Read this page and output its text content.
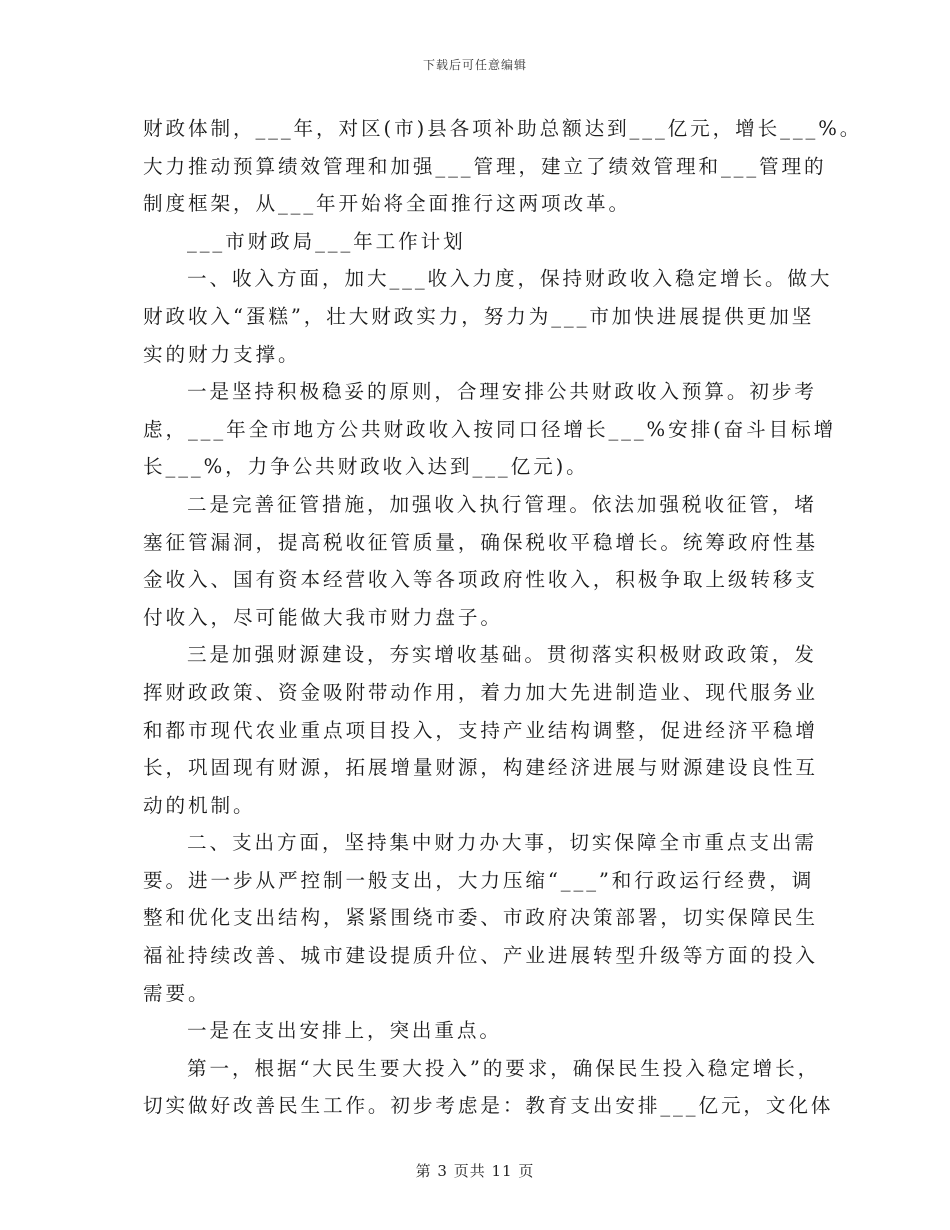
下载后可任意编辑
财政体制，___年，对区(市)县各项补助总额达到___亿元，增长___%。
大力推动预算绩效管理和加强___管理，建立了绩效管理和___管理的
制度框架，从___年开始将全面推行这两项改革。
___市财政局___年工作计划
一、收入方面，加大___收入力度，保持财政收入稳定增长。做大
财政收入“蛋糕”，壮大财政实力，努力为___市加快进展提供更加坚
实的财力支撑。
一是坚持积极稳妥的原则，合理安排公共财政收入预算。初步考
虑，___年全市地方公共财政收入按同口径增长___%安排(奋斗目标增
长___%，力争公共财政收入达到___亿元)。
二是完善征管措施，加强收入执行管理。依法加强税收征管，堵
塞征管漏洞，提高税收征管质量，确保税收平稳增长。统筹政府性基
金收入、国有资本经营收入等各项政府性收入，积极争取上级转移支
付收入，尽可能做大我市财力盘子。
三是加强财源建设，夯实增收基础。贯彻落实积极财政政策，发
挥财政政策、资金吸附带动作用，着力加大先进制造业、现代服务业
和都市现代农业重点项目投入，支持产业结构调整，促进经济平稳增
长，巩固现有财源，拓展增量财源，构建经济进展与财源建设良性互
动的机制。
二、支出方面，坚持集中财力办大事，切实保障全市重点支出需
要。进一步从严控制一般支出，大力压缩“___”和行政运行经费，调
整和优化支出结构，紧紧围绕市委、市政府决策部署，切实保障民生
福祉持续改善、城市建设提质升位、产业进展转型升级等方面的投入
需要。
一是在支出安排上，突出重点。
第一，根据“大民生要大投入”的要求，确保民生投入稳定增长，
切实做好改善民生工作。初步考虑是：教育支出安排___亿元，文化体
第 3 页共 11 页
